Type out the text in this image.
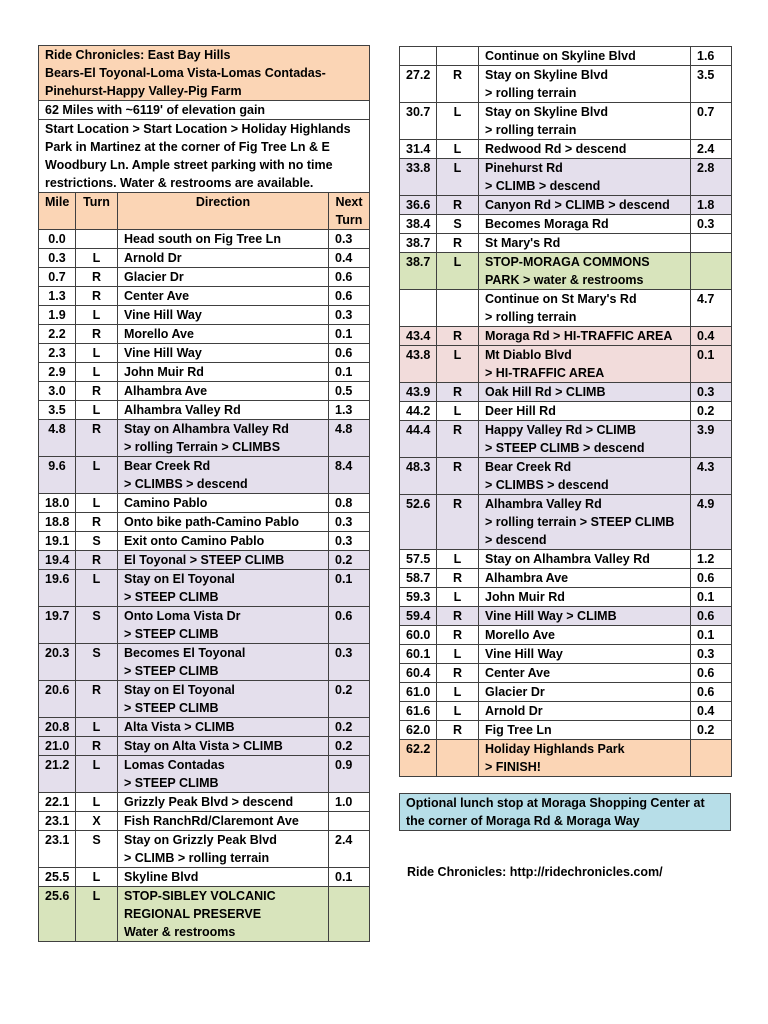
Ride Chronicles: East Bay Hills
Bears-El Toyonal-Loma Vista-Lomas Contadas-Pinehurst-Happy Valley-Pig Farm			

62 Miles with ~6119' of elevation gain			
Start Location > Start Location > Holiday Highlands Park in Martinez at the corner of Fig Tree Ln & E Woodbury Ln. Ample street parking with no time restrictions. Water & restrooms are available.			
Mile	Turn	Direction	Next Turn
0.0		Head south on Fig Tree Ln	0.3
0.3	L	Arnold Dr	0.4
0.7	R	Glacier Dr	0.6
1.3	R	Center Ave	0.6
1.9	L	Vine Hill Way	0.3
2.2	R	Morello Ave	0.1
2.3	L	Vine Hill Way	0.6
2.9	L	John Muir Rd	0.1
3.0	R	Alhambra Ave	0.5
3.5	L	Alhambra Valley Rd	1.3
4.8	R	Stay on Alhambra Valley Rd
> rolling Terrain > CLIMBS	4.8
9.6	L	Bear Creek Rd
> CLIMBS > descend	8.4
18.0	L	Camino Pablo	0.8
18.8	R	Onto bike path-Camino Pablo	0.3
19.1	S	Exit onto Camino Pablo	0.3
19.4	R	El Toyonal > STEEP CLIMB	0.2
19.6	L	Stay on El Toyonal
> STEEP CLIMB	0.1
19.7	S	Onto Loma Vista Dr
> STEEP CLIMB	0.6
20.3	S	Becomes El Toyonal
> STEEP CLIMB	0.3
20.6	R	Stay on El Toyonal
> STEEP CLIMB	0.2
20.8	L	Alta Vista > CLIMB	0.2
21.0	R	Stay on Alta Vista > CLIMB	0.2
21.2	L	Lomas Contadas
> STEEP CLIMB	0.9
22.1	L	Grizzly Peak Blvd > descend	1.0
23.1	X	Fish RanchRd/Claremont Ave	

23.1	S	Stay on Grizzly Peak Blvd
> CLIMB > rolling terrain	2.4
25.5	L	Skyline Blvd	0.1
25.6	L	STOP-SIBLEY VOLCANIC
REGIONAL PRESERVE
Water & restrooms	

		Continue on Skyline Blvd	1.6
27.2	R	Stay on Skyline Blvd
> rolling terrain	3.5
30.7	L	Stay on Skyline Blvd
> rolling terrain	0.7
31.4	L	Redwood Rd > descend	2.4
33.8	L	Pinehurst Rd
> CLIMB > descend	2.8
36.6	R	Canyon Rd > CLIMB > descend	1.8
38.4	S	Becomes Moraga Rd	0.3
38.7	R	St Mary's Rd	

38.7	L	STOP-MORAGA COMMONS
PARK > water & restrooms	

		Continue on St Mary's Rd
> rolling terrain	4.7
43.4	R	Moraga Rd > HI-TRAFFIC AREA	0.4
43.8	L	Mt Diablo Blvd
> HI-TRAFFIC AREA	0.1
43.9	R	Oak Hill Rd > CLIMB	0.3
44.2	L	Deer Hill Rd	0.2
44.4	R	Happy Valley Rd > CLIMB
> STEEP CLIMB > descend	3.9
48.3	R	Bear Creek Rd
> CLIMBS > descend	4.3
52.6	R	Alhambra Valley Rd
> rolling terrain > STEEP CLIMB
> descend	4.9
57.5	L	Stay on Alhambra Valley Rd	1.2
58.7	R	Alhambra Ave	0.6
59.3	L	John Muir Rd	0.1
59.4	R	Vine Hill Way > CLIMB	0.6
60.0	R	Morello Ave	0.1
60.1	L	Vine Hill Way	0.3
60.4	R	Center Ave	0.6
61.0	L	Glacier Dr	0.6
61.6	L	Arnold Dr	0.4
62.0	R	Fig Tree Ln	0.2
62.2		Holiday Highlands Park
> FINISH!	

Optional lunch stop at Moraga Shopping Center at the corner of Moraga Rd & Moraga Way
Ride Chronicles: http://ridechronicles.com/
